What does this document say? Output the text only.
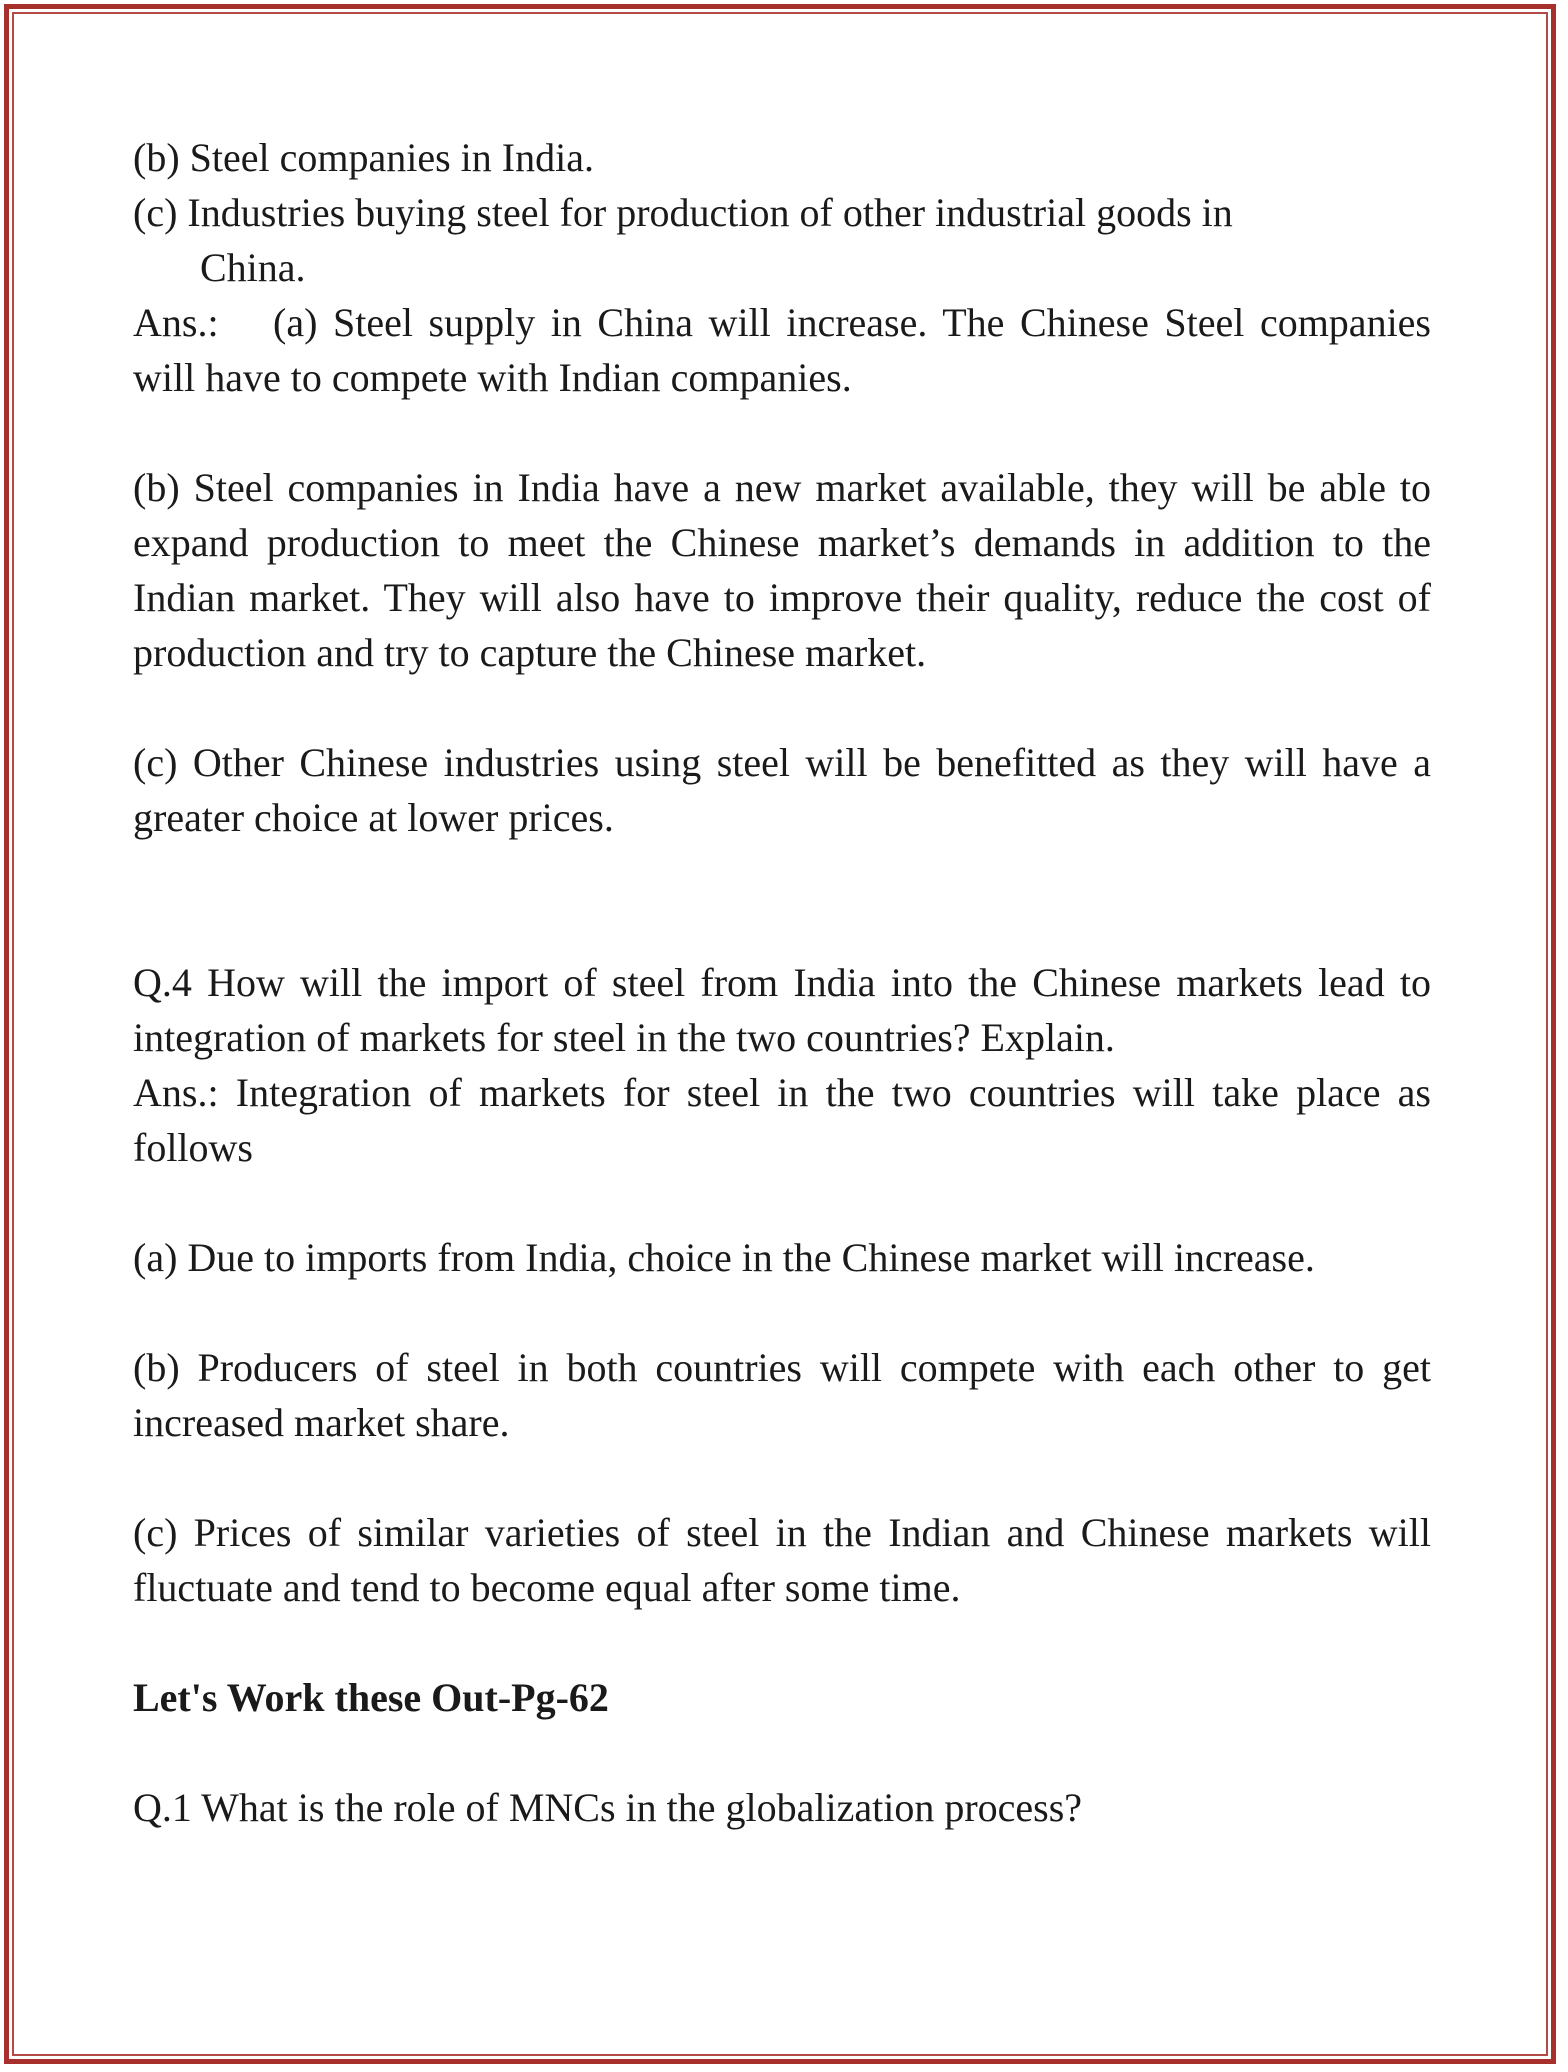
(b) Steel companies in India.
(c) Industries buying steel for production of other industrial goods in
China.

Ans.: (a) Steel supply in China will increase. The Chinese Steel companies will have to compete with Indian companies.

(b) Steel companies in India have a new market available, they will be able to expand production to meet the Chinese market’s demands in addition to the Indian market. They will also have to improve their quality, reduce the cost of production and try to capture the Chinese market.

(c) Other Chinese industries using steel will be benefitted as they will have a greater choice at lower prices.

Q.4 How will the import of steel from India into the Chinese markets lead to integration of markets for steel in the two countries? Explain.

Ans.: Integration of markets for steel in the two countries will take place as follows

(a) Due to imports from India, choice in the Chinese market will increase.

(b) Producers of steel in both countries will compete with each other to get increased market share.

(c) Prices of similar varieties of steel in the Indian and Chinese markets will fluctuate and tend to become equal after some time.

Let's Work these Out-Pg-62

Q.1 What is the role of MNCs in the globalization process?
